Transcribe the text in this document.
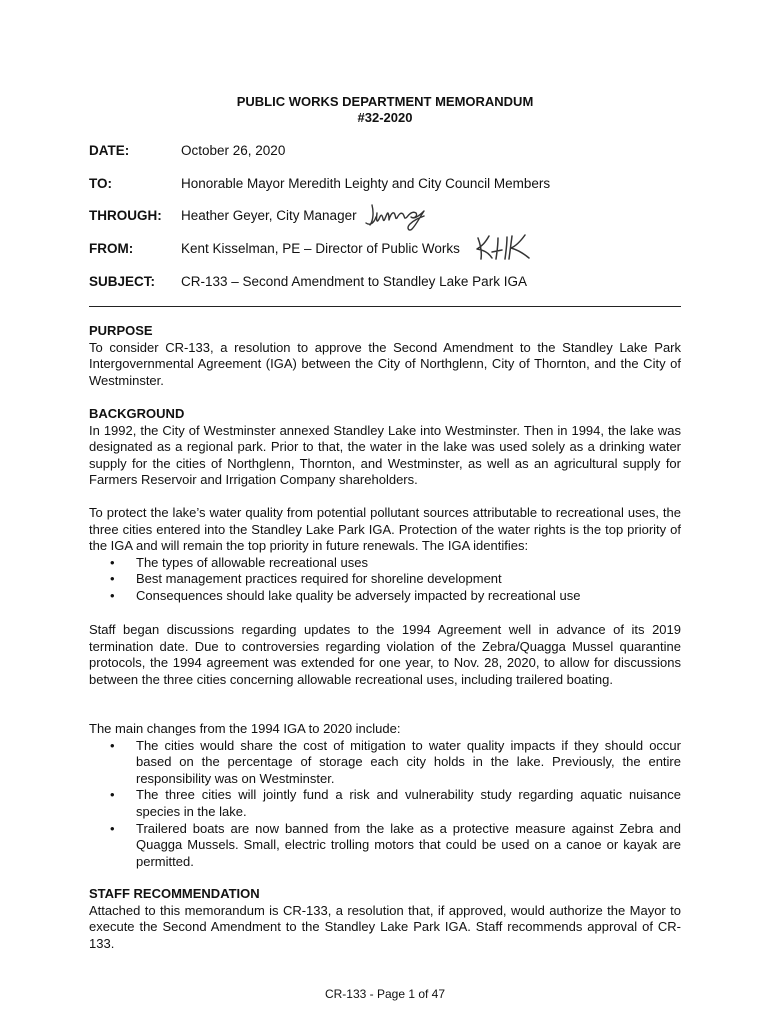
PUBLIC WORKS DEPARTMENT MEMORANDUM
#32-2020
DATE:	October 26, 2020
TO:	Honorable Mayor Meredith Leighty and City Council Members
THROUGH: Heather Geyer, City Manager
FROM:	Kent Kisselman, PE – Director of Public Works
SUBJECT: CR-133 – Second Amendment to Standley Lake Park IGA
PURPOSE

To consider CR-133, a resolution to approve the Second Amendment to the Standley Lake Park Intergovernmental Agreement (IGA) between the City of Northglenn, City of Thornton, and the City of Westminster.

BACKGROUND

In 1992, the City of Westminster annexed Standley Lake into Westminster. Then in 1994, the lake was designated as a regional park. Prior to that, the water in the lake was used solely as a drinking water supply for the cities of Northglenn, Thornton, and Westminster, as well as an agricultural supply for Farmers Reservoir and Irrigation Company shareholders.

To protect the lake’s water quality from potential pollutant sources attributable to recreational uses, the three cities entered into the Standley Lake Park IGA. Protection of the water rights is the top priority of the IGA and will remain the top priority in future renewals. The IGA identifies:

• The types of allowable recreational uses
• Best management practices required for shoreline development
• Consequences should lake quality be adversely impacted by recreational use

Staff began discussions regarding updates to the 1994 Agreement well in advance of its 2019 termination date. Due to controversies regarding violation of the Zebra/Quagga Mussel quarantine protocols, the 1994 agreement was extended for one year, to Nov. 28, 2020, to allow for discussions between the three cities concerning allowable recreational uses, including trailered boating.

The main changes from the 1994 IGA to 2020 include:

• The cities would share the cost of mitigation to water quality impacts if they should occur based on the percentage of storage each city holds in the lake. Previously, the entire responsibility was on Westminster.
• The three cities will jointly fund a risk and vulnerability study regarding aquatic nuisance species in the lake.
• Trailered boats are now banned from the lake as a protective measure against Zebra and Quagga Mussels. Small, electric trolling motors that could be used on a canoe or kayak are permitted.
STAFF RECOMMENDATION

Attached to this memorandum is CR-133, a resolution that, if approved, would authorize the Mayor to execute the Second Amendment to the Standley Lake Park IGA. Staff recommends approval of CR-133.

CR-133 - Page 1 of 47
